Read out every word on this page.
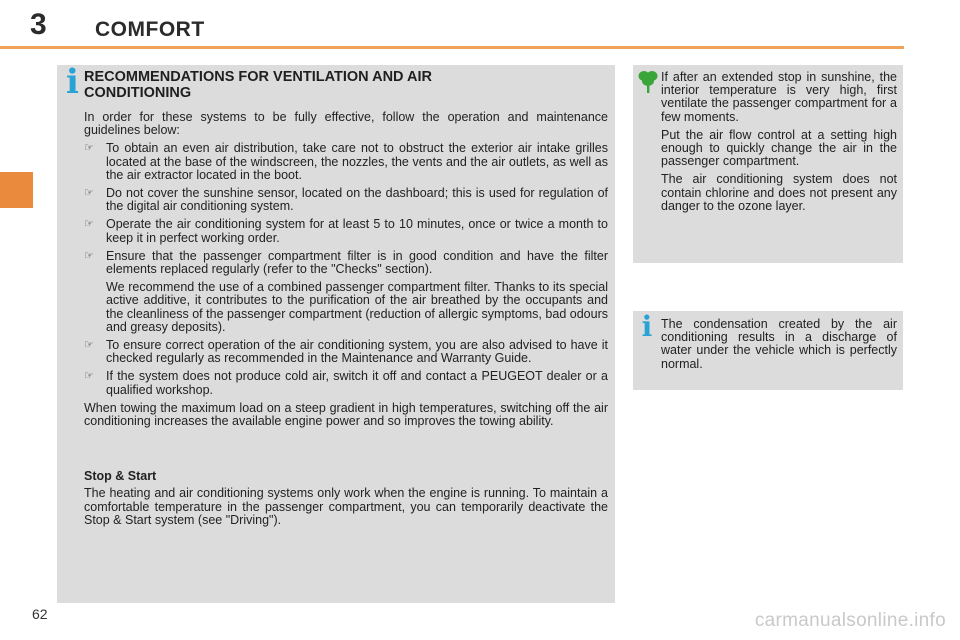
3 COMFORT
i
i
RECOMMENDATIONS FOR VENTILATION AND AIR CONDITIONING

In order for these systems to be fully effective, follow the operation and maintenance guidelines below:

☞ To obtain an even air distribution, take care not to obstruct the exterior air intake grilles located at the base of the windscreen, the nozzles, the vents and the air outlets, as well as the air extractor located in the boot.
☞ Do not cover the sunshine sensor, located on the dashboard; this is used for regulation of the digital air conditioning system.
☞ Operate the air conditioning system for at least 5 to 10 minutes, once or twice a month to keep it in perfect working order.
☞ Ensure that the passenger compartment filter is in good condition and have the filter elements replaced regularly (refer to the "Checks" section).

We recommend the use of a combined passenger compartment filter. Thanks to its special active additive, it contributes to the purification of the air breathed by the occupants and the cleanliness of the passenger compartment (reduction of allergic symptoms, bad odours and greasy deposits).

☞ To ensure correct operation of the air conditioning system, you are also advised to have it checked regularly as recommended in the Maintenance and Warranty Guide.
☞ If the system does not produce cold air, switch it off and contact a PEUGEOT dealer or a qualified workshop.

When towing the maximum load on a steep gradient in high temperatures, switching off the air conditioning increases the available engine power and so improves the towing ability.

Stop & Start

The heating and air conditioning systems only work when the engine is running. To maintain a comfortable temperature in the passenger compartment, you can temporarily deactivate the Stop & Start system (see "Driving").

If after an extended stop in sunshine, the interior temperature is very high, first ventilate the passenger compartment for a few moments.

Put the air flow control at a setting high enough to quickly change the air in the passenger compartment.

The air conditioning system does not contain chlorine and does not present any danger to the ozone layer.

The condensation created by the air conditioning results in a discharge of water under the vehicle which is perfectly normal.

62	carmanualsonline.info
